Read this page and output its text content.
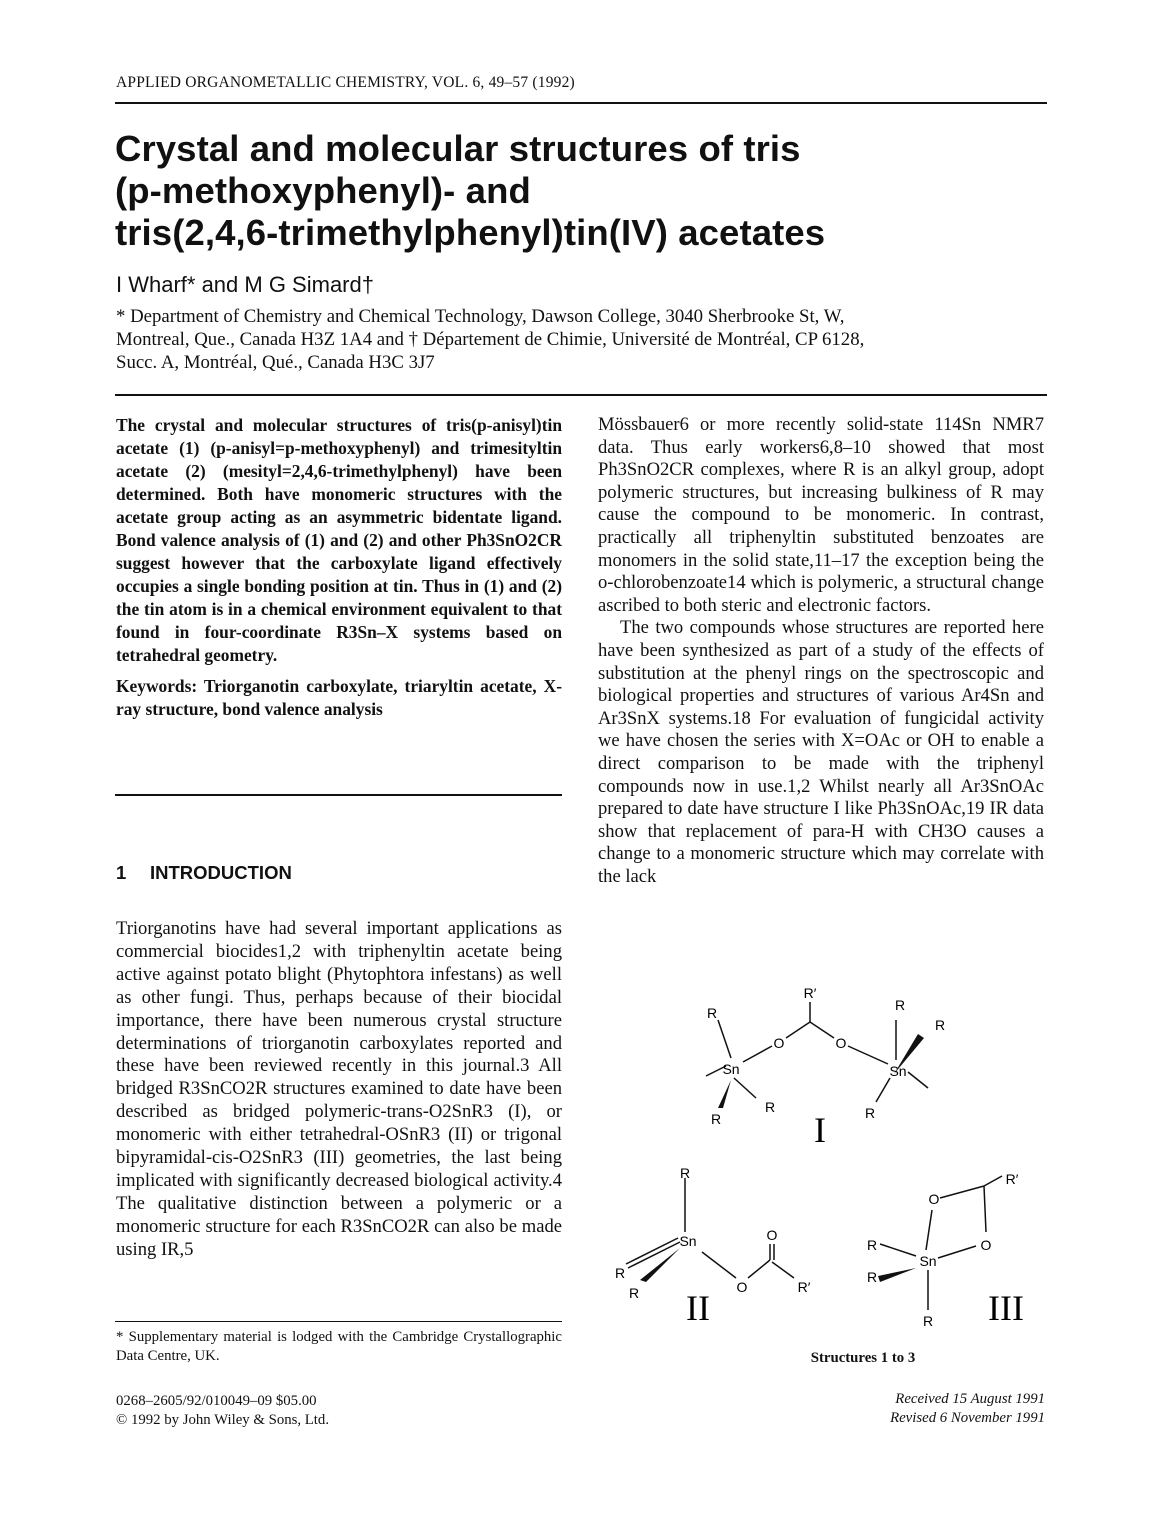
APPLIED ORGANOMETALLIC CHEMISTRY, VOL. 6, 49–57 (1992)
Crystal and molecular structures of tris
(p-methoxyphenyl)- and
tris(2,4,6-trimethylphenyl)tin(IV) acetates
I Wharf* and M G Simard†
* Department of Chemistry and Chemical Technology, Dawson College, 3040 Sherbrooke St, W,
Montreal, Que., Canada H3Z 1A4 and † Département de Chimie, Université de Montréal, CP 6128,
Succ. A, Montréal, Qué., Canada H3C 3J7

The crystal and molecular structures of tris(p-anisyl)tin acetate (1) (p-anisyl=p-methoxyphenyl) and trimesityltin acetate (2) (mesityl=2,4,6-trimethylphenyl) have been determined. Both have monomeric structures with the acetate group acting as an asymmetric bidentate ligand. Bond valence analysis of (1) and (2) and other Ph3SnO2CR suggest however that the carboxylate ligand effectively occupies a single bonding position at tin. Thus in (1) and (2) the tin atom is in a chemical environment equivalent to that found in four-coordinate R3Sn–X systems based on tetrahedral geometry.

Keywords: Triorganotin carboxylate, triaryltin acetate, X-ray structure, bond valence analysis

1 INTRODUCTION

Triorganotins have had several important applications as commercial biocides1,2 with triphenyltin acetate being active against potato blight (Phytophtora infestans) as well as other fungi. Thus, perhaps because of their biocidal importance, there have been numerous crystal structure determinations of triorganotin carboxylates reported and these have been reviewed recently in this journal.3 All bridged R3SnCO2R structures examined to date have been described as bridged polymeric-trans-O2SnR3 (I), or monomeric with either tetrahedral-OSnR3 (II) or trigonal bipyramidal-cis-O2SnR3 (III) geometries, the last being implicated with significantly decreased biological activity.4 The qualitative distinction between a polymeric or a monomeric structure for each R3SnCO2R can also be made using IR,5

* Supplementary material is lodged with the Cambridge Crystallographic Data Centre, UK.
0268–2605/92/010049–09 $05.00
© 1992 by John Wiley & Sons, Ltd.

Mössbauer6 or more recently solid-state 114Sn NMR7 data. Thus early workers6,8–10 showed that most Ph3SnO2CR complexes, where R is an alkyl group, adopt polymeric structures, but increasing bulkiness of R may cause the compound to be monomeric. In contrast, practically all triphenyltin substituted benzoates are monomers in the solid state,11–17 the exception being the o-chlorobenzoate14 which is polymeric, a structural change ascribed to both steric and electronic factors.

The two compounds whose structures are reported here have been synthesized as part of a study of the effects of substitution at the phenyl rings on the spectroscopic and biological properties and structures of various Ar4Sn and Ar3SnX systems.18 For evaluation of fungicidal activity we have chosen the series with X=OAc or OH to enable a direct comparison to be made with the triphenyl compounds now in use.1,2 Whilst nearly all Ar3SnOAc prepared to date have structure I like Ph3SnOAc,19 IR data show that replacement of para-H with CH3O causes a change to a monomeric structure which may correlate with the lack

R′
R
O	O
Sn	Sn
R
R
R
R	R
I
R
Sn	O
O	R′
R
R II
O
R′
O
Sn
R
R
R III
Structures 1 to 3
Received 15 August 1991
Revised 6 November 1991
